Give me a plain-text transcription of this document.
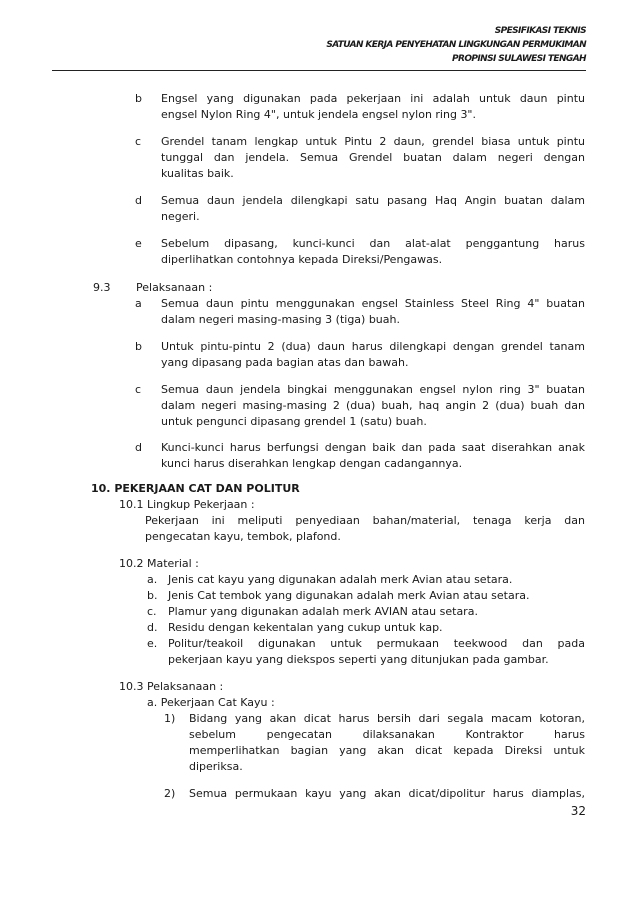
SPESIFIKASI TEKNIS
SATUAN KERJA PENYEHATAN LINGKUNGAN PERMUKIMAN
PROPINSI SULAWESI TENGAH
b Engsel yang digunakan pada pekerjaan ini adalah untuk daun pintu
engsel Nylon Ring 4", untuk jendela engsel nylon ring 3".
c Grendel tanam lengkap untuk Pintu 2 daun, grendel biasa untuk pintu
tunggal dan jendela. Semua Grendel buatan dalam negeri dengan
kualitas baik.
d Semua daun jendela dilengkapi satu pasang Haq Angin buatan dalam
negeri.
e Sebelum dipasang, kunci-kunci dan alat-alat penggantung harus
diperlihatkan contohnya kepada Direksi/Pengawas.
9.3 Pelaksanaan :
a Semua daun pintu menggunakan engsel Stainless Steel Ring 4" buatan
dalam negeri masing-masing 3 (tiga) buah.
b Untuk pintu-pintu 2 (dua) daun harus dilengkapi dengan grendel tanam
yang dipasang pada bagian atas dan bawah.
c Semua daun jendela bingkai menggunakan engsel nylon ring 3" buatan
dalam negeri masing-masing 2 (dua) buah, haq angin 2 (dua) buah dan
untuk pengunci dipasang grendel 1 (satu) buah.
d Kunci-kunci harus berfungsi dengan baik dan pada saat diserahkan anak
kunci harus diserahkan lengkap dengan cadangannya.
10. PEKERJAAN CAT DAN POLITUR
10.1 Lingkup Pekerjaan :
Pekerjaan ini meliputi penyediaan bahan/material, tenaga kerja dan
pengecatan kayu, tembok, plafond.
10.2 Material :
a. Jenis cat kayu yang digunakan adalah merk Avian atau setara.
b. Jenis Cat tembok yang digunakan adalah merk Avian atau setara.
c. Plamur yang digunakan adalah merk AVIAN atau setara.
d. Residu dengan kekentalan yang cukup untuk kap.
e. Politur/teakoil digunakan untuk permukaan teekwood dan pada
pekerjaan kayu yang diekspos seperti yang ditunjukan pada gambar.
10.3 Pelaksanaan :
a. Pekerjaan Cat Kayu :
1) Bidang yang akan dicat harus bersih dari segala macam kotoran,
sebelum pengecatan dilaksanakan Kontraktor harus
memperlihatkan bagian yang akan dicat kepada Direksi untuk
diperiksa.
2) Semua permukaan kayu yang akan dicat/dipolitur harus diamplas,
32
